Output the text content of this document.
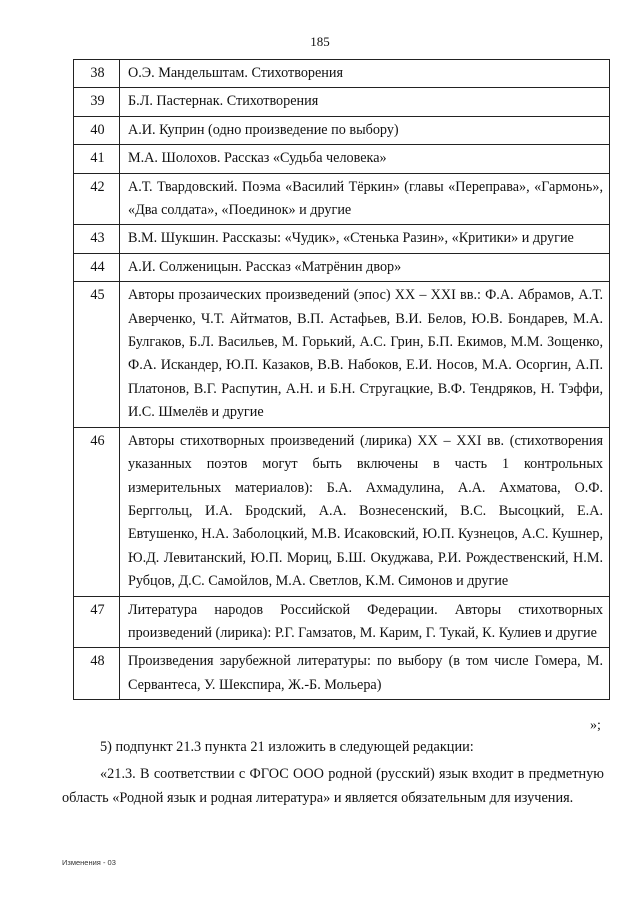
185
38	О.Э. Мандельштам. Стихотворения
39	Б.Л. Пастернак. Стихотворения
40	А.И. Куприн (одно произведение по выбору)
41	М.А. Шолохов. Рассказ «Судьба человека»
42	А.Т. Твардовский. Поэма «Василий Тёркин» (главы «Переправа», «Гармонь», «Два солдата», «Поединок» и другие
43	В.М. Шукшин. Рассказы: «Чудик», «Стенька Разин», «Критики» и другие
44	А.И. Солженицын. Рассказ «Матрёнин двор»
45	Авторы прозаических произведений (эпос) XX – XXI вв.: Ф.А. Абрамов, А.Т. Аверченко, Ч.Т. Айтматов, В.П. Астафьев, В.И. Белов, Ю.В. Бондарев, М.А. Булгаков, Б.Л. Васильев, М. Горький, А.С. Грин, Б.П. Екимов, М.М. Зощенко, Ф.А. Искандер, Ю.П. Казаков, В.В. Набоков, Е.И. Носов, М.А. Осоргин, А.П. Платонов, В.Г. Распутин, А.Н. и Б.Н. Стругацкие, В.Ф. Тендряков, Н. Тэффи, И.С. Шмелёв и другие
46	Авторы стихотворных произведений (лирика) XX – XXI вв. (стихотворения указанных поэтов могут быть включены в часть 1 контрольных измерительных материалов): Б.А. Ахмадулина, А.А. Ахматова, О.Ф. Берггольц, И.А. Бродский, А.А. Вознесенский, В.С. Высоцкий, Е.А. Евтушенко, Н.А. Заболоцкий, М.В. Исаковский, Ю.П. Кузнецов, А.С. Кушнер, Ю.Д. Левитанский, Ю.П. Мориц, Б.Ш. Окуджава, Р.И. Рождественский, Н.М. Рубцов, Д.С. Самойлов, М.А. Светлов, К.М. Симонов и другие
47	Литература народов Российской Федерации. Авторы стихотворных произведений (лирика): Р.Г. Гамзатов, М. Карим, Г. Тукай, К. Кулиев и другие
48	Произведения зарубежной литературы: по выбору (в том числе Гомера, М. Сервантеса, У. Шекспира, Ж.-Б. Мольера)
»;
5) подпункт 21.3 пункта 21 изложить в следующей редакции:
«21.3. В соответствии с ФГОС ООО родной (русский) язык входит в предметную область «Родной язык и родная литература» и является обязательным для изучения.
Изменения - 03
